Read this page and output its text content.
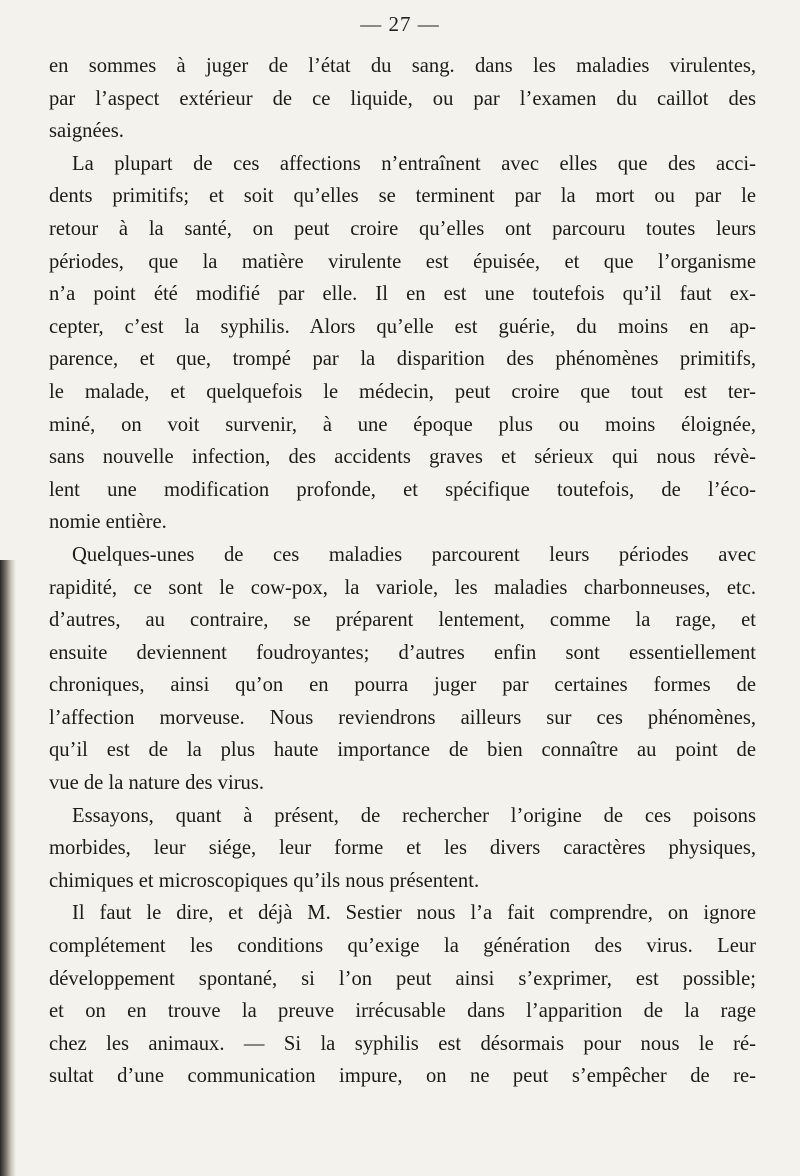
— 27 —
en sommes à juger de l’état du sang. dans les maladies virulentes,
par l’aspect extérieur de ce liquide, ou par l’examen du caillot des
saignées.
La plupart de ces affections n’entraînent avec elles que des acci-
dents primitifs; et soit qu’elles se terminent par la mort ou par le
retour à la santé, on peut croire qu’elles ont parcouru toutes leurs
périodes, que la matière virulente est épuisée, et que l’organisme
n’a point été modifié par elle. Il en est une toutefois qu’il faut ex-
cepter, c’est la syphilis. Alors qu’elle est guérie, du moins en ap-
parence, et que, trompé par la disparition des phénomènes primitifs,
le malade, et quelquefois le médecin, peut croire que tout est ter-
miné, on voit survenir, à une époque plus ou moins éloignée,
sans nouvelle infection, des accidents graves et sérieux qui nous révè-
lent une modification profonde, et spécifique toutefois, de l’éco-
nomie entière.
Quelques-unes de ces maladies parcourent leurs périodes avec
rapidité, ce sont le cow-pox, la variole, les maladies charbonneuses, etc.
d’autres, au contraire, se préparent lentement, comme la rage, et
ensuite deviennent foudroyantes; d’autres enfin sont essentiellement
chroniques, ainsi qu’on en pourra juger par certaines formes de
l’affection morveuse. Nous reviendrons ailleurs sur ces phénomènes,
qu’il est de la plus haute importance de bien connaître au point de
vue de la nature des virus.
Essayons, quant à présent, de rechercher l’origine de ces poisons
morbides, leur siége, leur forme et les divers caractères physiques,
chimiques et microscopiques qu’ils nous présentent.
Il faut le dire, et déjà M. Sestier nous l’a fait comprendre, on ignore
complétement les conditions qu’exige la génération des virus. Leur
développement spontané, si l’on peut ainsi s’exprimer, est possible;
et on en trouve la preuve irrécusable dans l’apparition de la rage
chez les animaux. — Si la syphilis est désormais pour nous le ré-
sultat d’une communication impure, on ne peut s’empêcher de re-
